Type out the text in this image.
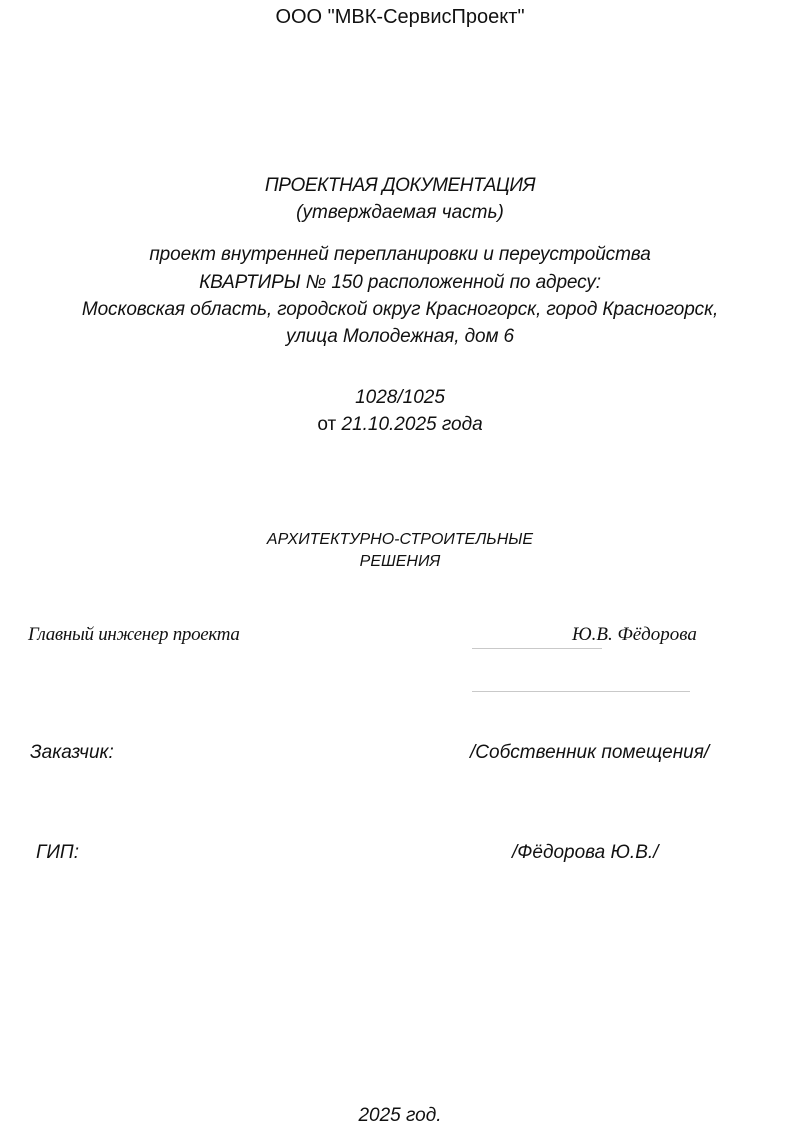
ООО "МВК-СервисПроект"
ПРОЕКТНАЯ ДОКУМЕНТАЦИЯ
(утверждаемая часть)
проект внутренней перепланировки и переустройства
КВАРТИРЫ № 150 расположенной по адресу:
Московская область, городской округ Красногорск, город Красногорск,
улица Молодежная, дом 6
1028/1025
от 21.10.2025 года
АРХИТЕКТУРНО-СТРОИТЕЛЬНЫЕ
РЕШЕНИЯ
Главный инженер проекта	Ю.В. Фёдорова
Заказчик:	/Собственник помещения/
ГИП:	/Фёдорова Ю.В./
2025 год.
